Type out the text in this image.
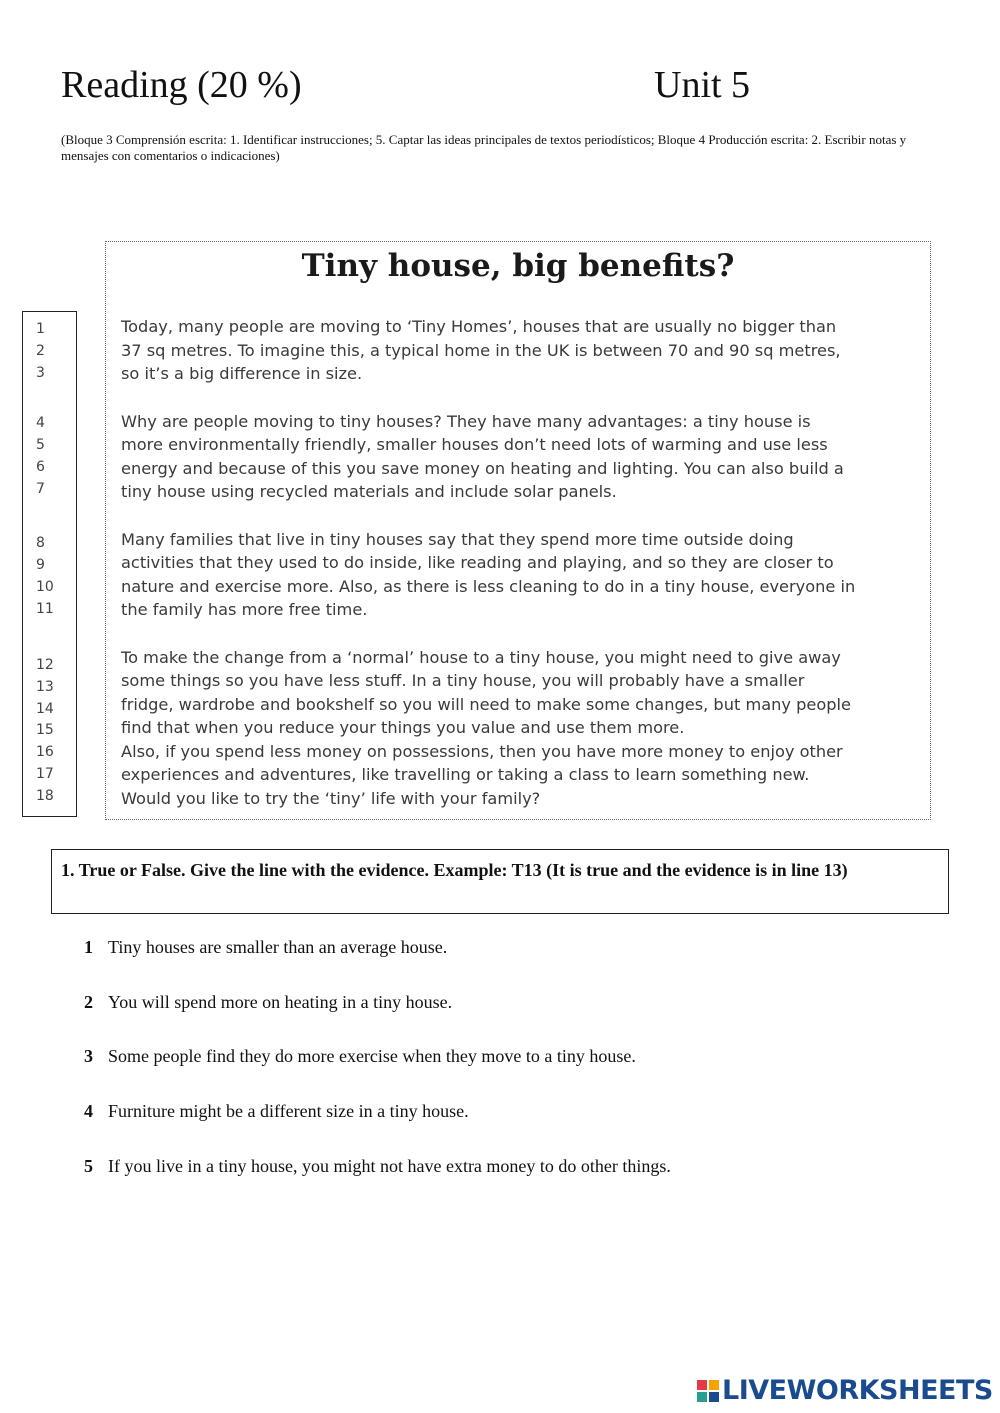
Reading (20 %)	Unit 5
(Bloque 3 Comprensión escrita: 1. Identificar instrucciones; 5. Captar las ideas principales de textos periodísticos; Bloque 4 Producción escrita: 2. Escribir notas y mensajes con comentarios o indicaciones)
1
2
3
4
5
6
7
8
9
10
11
12
13
14
15
16
17
18
Tiny house, big benefits?
Today, many people are moving to ‘Tiny Homes’, houses that are usually no bigger than
37 sq metres. To imagine this, a typical home in the UK is between 70 and 90 sq metres,
so it’s a big difference in size.
Why are people moving to tiny houses? They have many advantages: a tiny house is
more environmentally friendly, smaller houses don’t need lots of warming and use less
energy and because of this you save money on heating and lighting. You can also build a
tiny house using recycled materials and include solar panels.
Many families that live in tiny houses say that they spend more time outside doing
activities that they used to do inside, like reading and playing, and so they are closer to
nature and exercise more. Also, as there is less cleaning to do in a tiny house, everyone in
the family has more free time.
To make the change from a ‘normal’ house to a tiny house, you might need to give away
some things so you have less stuff. In a tiny house, you will probably have a smaller
fridge, wardrobe and bookshelf so you will need to make some changes, but many people
find that when you reduce your things you value and use them more.
Also, if you spend less money on possessions, then you have more money to enjoy other
experiences and adventures, like travelling or taking a class to learn something new.
Would you like to try the ‘tiny’ life with your family?
1. True or False. Give the line with the evidence. Example: T13 (It is true and the evidence is in line 13)
1 Tiny houses are smaller than an average house.
2 You will spend more on heating in a tiny house.
3 Some people find they do more exercise when they move to a tiny house.
4 Furniture might be a different size in a tiny house.
5 If you live in a tiny house, you might not have extra money to do other things.
LIVEWORKSHEETS
